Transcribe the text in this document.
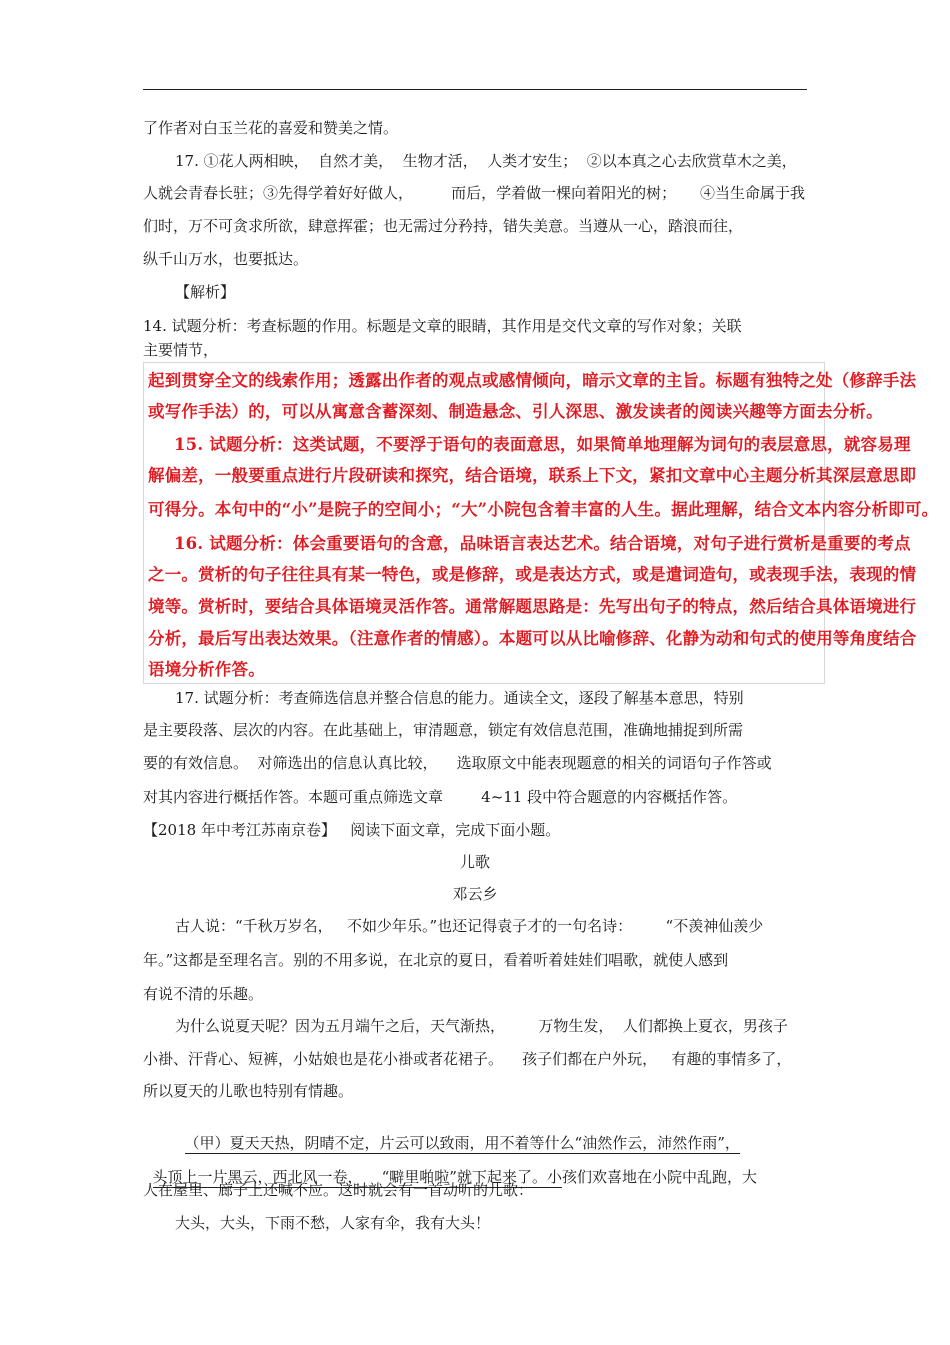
了作者对白玉兰花的喜爱和赞美之情。
17. ①花人两相映，  自然才美，  生物才活，  人类才安生；  ②以本真之心去欣赏草木之美，
人就会青春长驻；③先得学着好好做人，        而后，学着做一棵向着阳光的树；     ④当生命属于我
们时，万不可贪求所欲，肆意挥霍；也无需过分矜持，错失美意。当遵从一心，踏浪而往，
纵千山万水，也要抵达。
【解析】
14. 试题分析：考查标题的作用。标题是文章的眼睛，其作用是交代文章的写作对象；关联
主要情节，
起到贯穿全文的线索作用；透露出作者的观点或感情倾向，暗示文章的主旨。标题有独特之处（修辞手法
或写作手法）的，可以从寓意含蓄深刻、制造悬念、引人深思、激发读者的阅读兴趣等方面去分析。
15. 试题分析：这类试题，不要浮于语句的表面意思，如果简单地理解为词句的表层意思，就容易理
解偏差，一般要重点进行片段研读和探究，结合语境，联系上下文，紧扣文章中心主题分析其深层意思即
可得分。本句中的“小”是院子的空间小；“大”小院包含着丰富的人生。据此理解，结合文本内容分析即可。
16. 试题分析：体会重要语句的含意，品味语言表达艺术。结合语境，对句子进行赏析是重要的考点
之一。赏析的句子往往具有某一特色，或是修辞，或是表达方式，或是遣词造句，或表现手法，表现的情
境等。赏析时，要结合具体语境灵活作答。通常解题思路是：先写出句子的特点，然后结合具体语境进行
分析，最后写出表达效果。（注意作者的情感）。本题可以从比喻修辞、化静为动和句式的使用等角度结合
语境分析作答。
17. 试题分析：考查筛选信息并整合信息的能力。通读全文，逐段了解基本意思，特别
是主要段落、层次的内容。在此基础上，审清题意，锁定有效信息范围，准确地捕捉到所需
要的有效信息。  对筛选出的信息认真比较，    选取原文中能表现题意的相关的词语句子作答或
对其内容进行概括作答。本题可重点筛选文章        4~11 段中符合题意的内容概括作答。
【2018 年中考江苏南京卷】   阅读下面文章，完成下面小题。
儿歌
邓云乡
古人说：“千秋万岁名，   不如少年乐。”也还记得袁子才的一句名诗：       “不羡神仙羡少
年。”这都是至理名言。别的不用多说，在北京的夏日，看着听着娃娃们唱歌，就使人感到
有说不清的乐趣。
为什么说夏天呢？因为五月端午之后，天气渐热，       万物生发，  人们都换上夏衣，男孩子
小褂、汗背心、短裤，小姑娘也是花小褂或者花裙子。    孩子们都在户外玩，   有趣的事情多了，
所以夏天的儿歌也特别有情趣。

（甲）夏天天热，阴晴不定，片云可以致雨，用不着等什么“油然作云，沛然作雨”，

头顶上一片黑云，西北风一卷，    “噼里啪啦”就下起来了。小孩们欢喜地在小院中乱跑，大

人在屋里、廊子上还喊不应。这时就会有一首动听的儿歌：
大头，大头，下雨不愁，人家有伞，我有大头！
